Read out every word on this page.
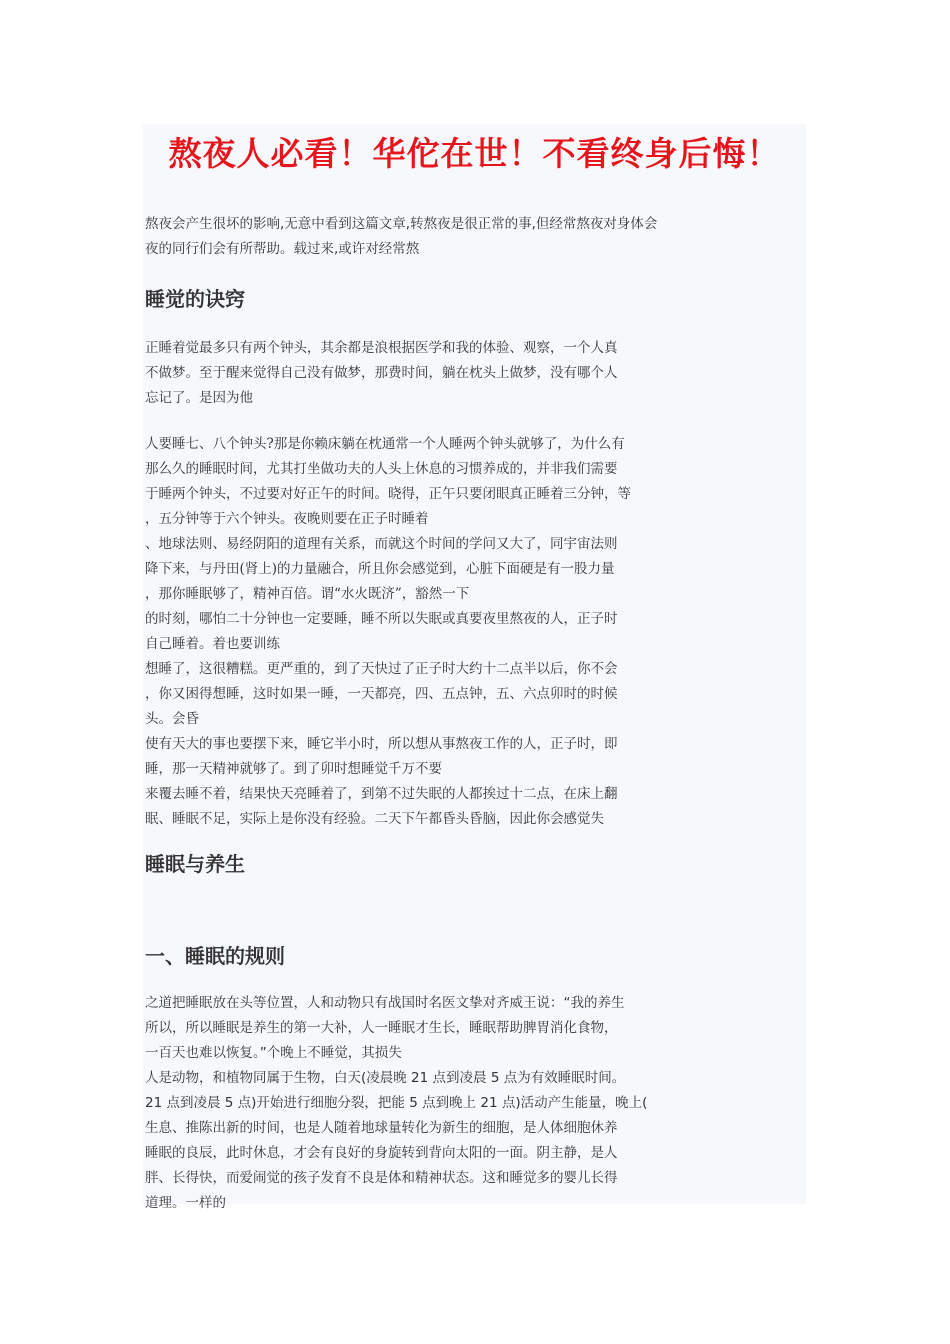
熬夜人必看！华佗在世！不看终身后悔！
熬夜会产生很坏的影响,无意中看到这篇文章,转熬夜是很正常的事,但经常熬夜对身体会
夜的同行们会有所帮助。载过来,或许对经常熬
睡觉的诀窍
正睡着觉最多只有两个钟头，其余都是浪根据医学和我的体验、观察，一个人真
不做梦。至于醒来觉得自己没有做梦，那费时间，躺在枕头上做梦，没有哪个人
忘记了。是因为他
人要睡七、八个钟头?那是你赖床躺在枕通常一个人睡两个钟头就够了，为什么有
那么久的睡眠时间，尤其打坐做功夫的人头上休息的习惯养成的，并非我们需要
于睡两个钟头，不过要对好正午的时间。晓得，正午只要闭眼真正睡着三分钟，等
，五分钟等于六个钟头。夜晚则要在正子时睡着
、地球法则、易经阴阳的道理有关系，而就这个时间的学问又大了，同宇宙法则
降下来，与丹田(肾上)的力量融合，所且你会感觉到，心脏下面硬是有一股力量
，那你睡眠够了，精神百倍。谓“水火既济”，豁然一下
的时刻，哪怕二十分钟也一定要睡，睡不所以失眠或真要夜里熬夜的人，正子时
自己睡着。着也要训练
想睡了，这很糟糕。更严重的，到了天快过了正子时大约十二点半以后，你不会
，你又困得想睡，这时如果一睡，一天都亮，四、五点钟，五、六点卯时的时候
头。会昏
使有天大的事也要摆下来，睡它半小时，所以想从事熬夜工作的人，正子时，即
睡，那一天精神就够了。到了卯时想睡觉千万不要
来覆去睡不着，结果快天亮睡着了，到第不过失眠的人都挨过十二点，在床上翻
眠、睡眠不足，实际上是你没有经验。二天下午都昏头昏脑，因此你会感觉失
睡眠与养生
一、睡眠的规则
之道把睡眠放在头等位置，人和动物只有战国时名医文挚对齐威王说：“我的养生
所以，所以睡眠是养生的第一大补，人一睡眠才生长，睡眠帮助脾胃消化食物，
一百天也难以恢复。”个晚上不睡觉，其损失
人是动物，和植物同属于生物，白天(凌晨晚 21 点到凌晨 5 点为有效睡眠时间。
21 点到凌晨 5 点)开始进行细胞分裂，把能 5 点到晚上 21 点)活动产生能量，晚上(
生息、推陈出新的时间，也是人随着地球量转化为新生的细胞，是人体细胞休养
睡眠的良辰，此时休息，才会有良好的身旋转到背向太阳的一面。阴主静，是人
胖、长得快，而爱闹觉的孩子发育不良是体和精神状态。这和睡觉多的婴儿长得
道理。一样的
